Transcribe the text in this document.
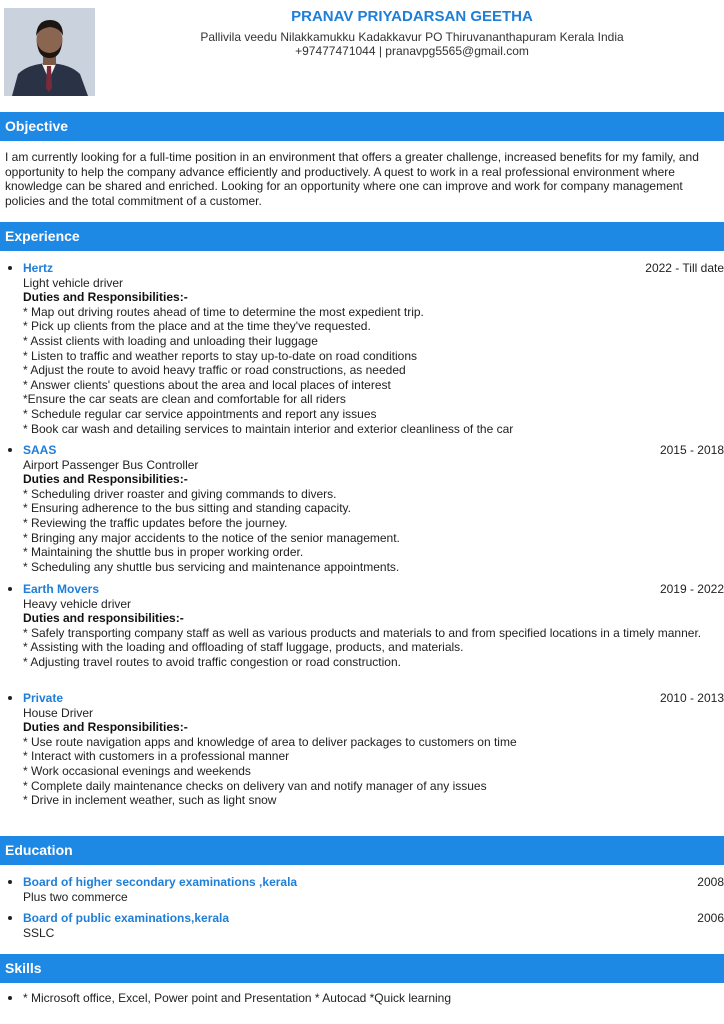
PRANAV PRIYADARSAN GEETHA
Pallivila veedu Nilakkamukku Kadakkavur PO Thiruvananthapuram Kerala India
+97477471044 | pranavpg5565@gmail.com
Objective
I am currently looking for a full-time position in an environment that offers a greater challenge, increased benefits for my family, and opportunity to help the company advance efficiently and productively. A quest to work in a real professional environment where knowledge can be shared and enriched. Looking for an opportunity where one can improve and work for company management policies and the total commitment of a customer.
Experience
Hertz	2022 - Till date
Light vehicle driver
Duties and Responsibilities:-
* Map out driving routes ahead of time to determine the most expedient trip.
* Pick up clients from the place and at the time they've requested.
* Assist clients with loading and unloading their luggage
* Listen to traffic and weather reports to stay up-to-date on road conditions
* Adjust the route to avoid heavy traffic or road constructions, as needed
* Answer clients' questions about the area and local places of interest
*Ensure the car seats are clean and comfortable for all riders
* Schedule regular car service appointments and report any issues
* Book car wash and detailing services to maintain interior and exterior cleanliness of the car
SAAS	2015 - 2018
Airport Passenger Bus Controller
Duties and Responsibilities:-
* Scheduling driver roaster and giving commands to divers.
* Ensuring adherence to the bus sitting and standing capacity.
* Reviewing the traffic updates before the journey.
* Bringing any major accidents to the notice of the senior management.
* Maintaining the shuttle bus in proper working order.
* Scheduling any shuttle bus servicing and maintenance appointments.
Earth Movers	2019 - 2022
Heavy vehicle driver
Duties and responsibilities:-
* Safely transporting company staff as well as various products and materials to and from specified locations in a timely manner.
* Assisting with the loading and offloading of staff luggage, products, and materials.
* Adjusting travel routes to avoid traffic congestion or road construction.
Private	2010 - 2013
House Driver
Duties and Responsibilities:-
* Use route navigation apps and knowledge of area to deliver packages to customers on time
* Interact with customers in a professional manner
* Work occasional evenings and weekends
* Complete daily maintenance checks on delivery van and notify manager of any issues
* Drive in inclement weather, such as light snow
Education
Board of higher secondary examinations ,kerala	2008
Plus two commerce
Board of public examinations,kerala	2006
SSLC
Skills
* Microsoft office, Excel, Power point and Presentation * Autocad *Quick learning
